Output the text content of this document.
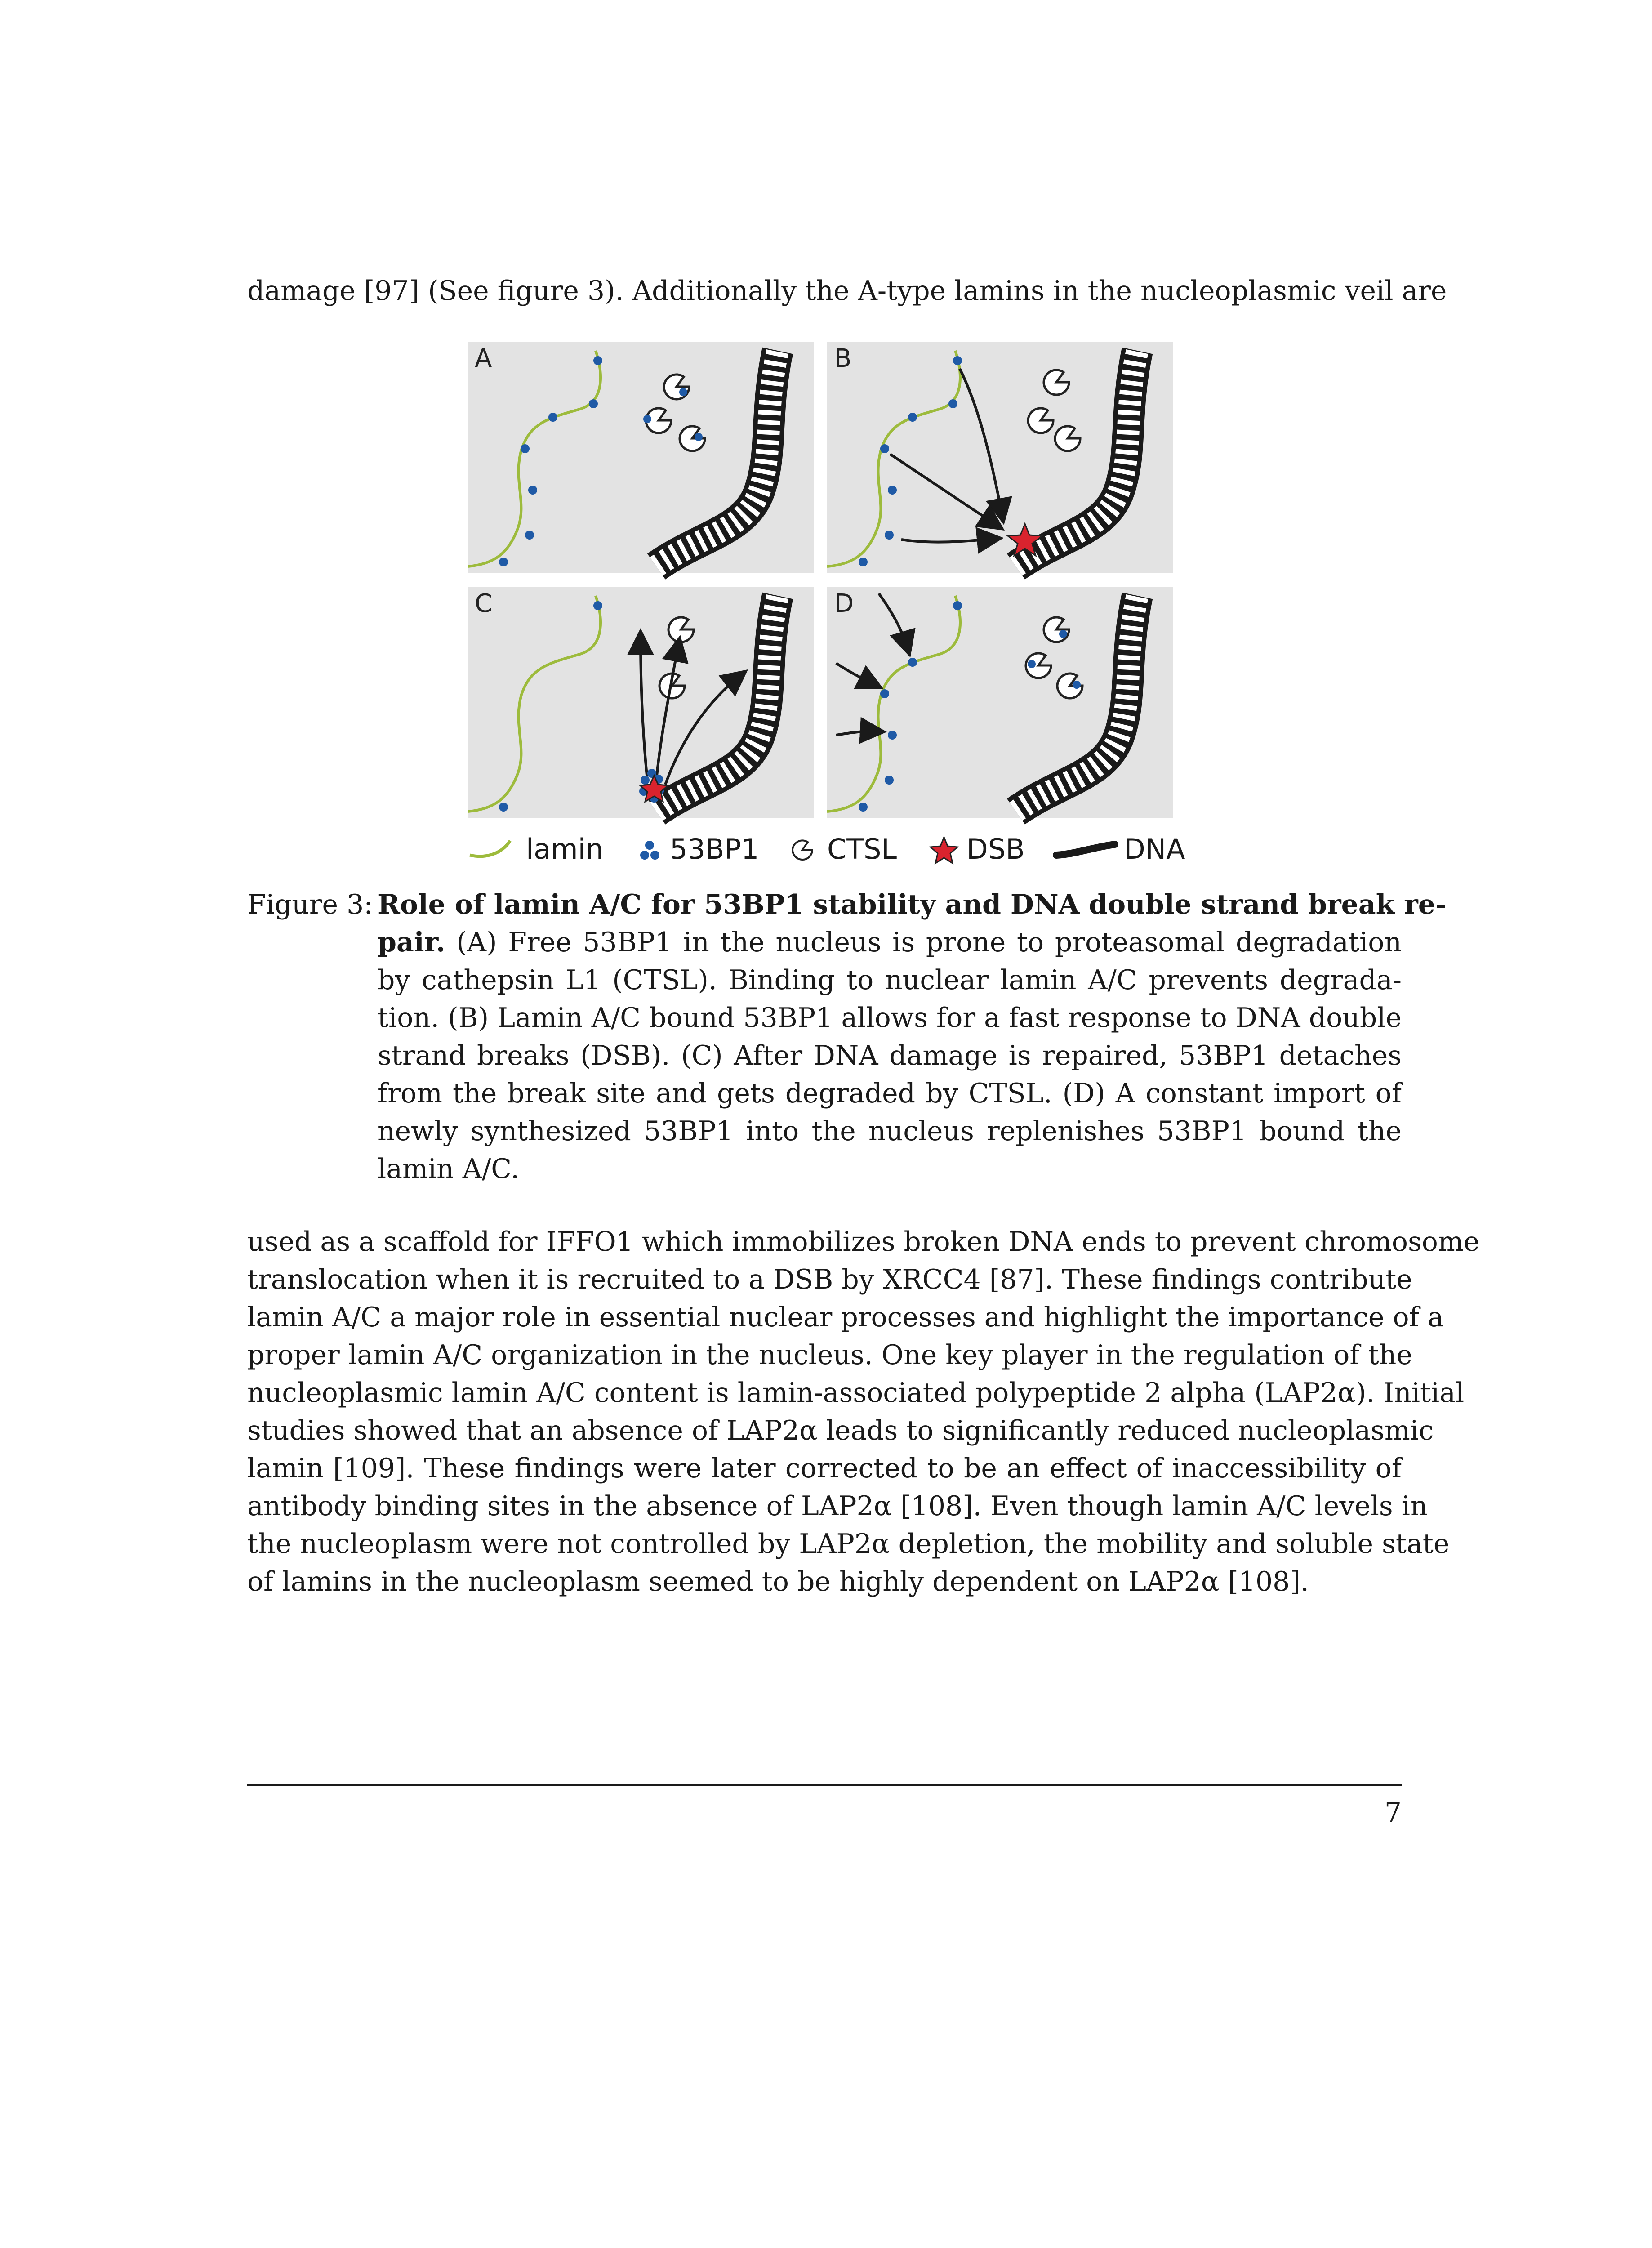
damage [97] (See figure 3). Additionally the A-type lamins in the nucleoplasmic veil are

A	B
C	D
lamin 53BP1 CTSL DSB	DNA
Figure 3: Role of lamin A/C for 53BP1 stability and DNA double strand break re-
pair. (A) Free 53BP1 in the nucleus is prone to proteasomal degradation
by cathepsin L1 (CTSL). Binding to nuclear lamin A/C prevents degrada-
tion. (B) Lamin A/C bound 53BP1 allows for a fast response to DNA double
strand breaks (DSB). (C) After DNA damage is repaired, 53BP1 detaches
from the break site and gets degraded by CTSL. (D) A constant import of
newly synthesized 53BP1 into the nucleus replenishes 53BP1 bound the
lamin A/C.

used as a scaffold for IFFO1 which immobilizes broken DNA ends to prevent chromosome

translocation when it is recruited to a DSB by XRCC4 [87]. These findings contribute

lamin A/C a major role in essential nuclear processes and highlight the importance of a

proper lamin A/C organization in the nucleus. One key player in the regulation of the

nucleoplasmic lamin A/C content is lamin-associated polypeptide 2 alpha (LAP2α). Initial

studies showed that an absence of LAP2α leads to significantly reduced nucleoplasmic

lamin [109]. These findings were later corrected to be an effect of inaccessibility of

antibody binding sites in the absence of LAP2α [108]. Even though lamin A/C levels in

the nucleoplasm were not controlled by LAP2α depletion, the mobility and soluble state

of lamins in the nucleoplasm seemed to be highly dependent on LAP2α [108].

7
